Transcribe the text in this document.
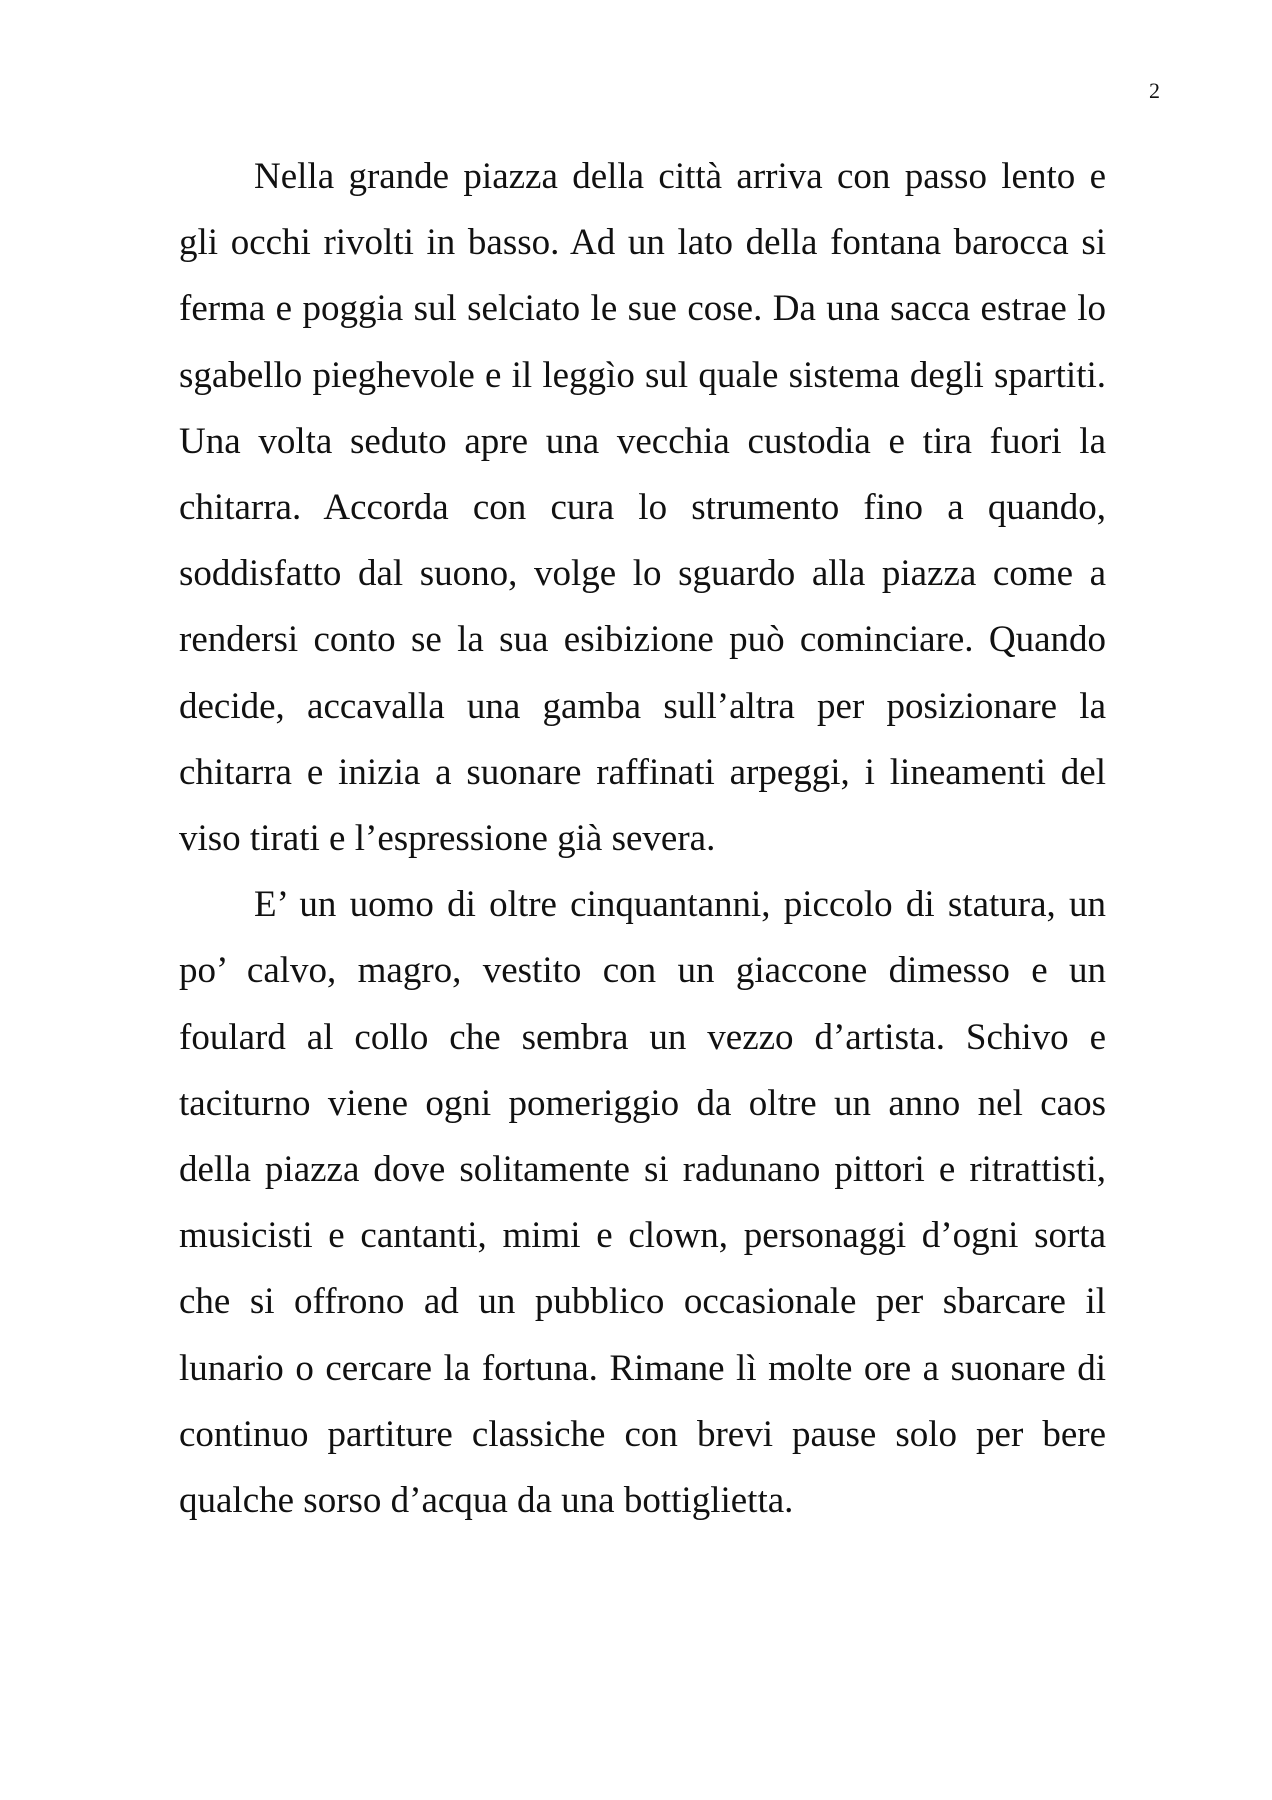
2

Nella grande piazza della città arriva con passo lento e gli occhi rivolti in basso. Ad un lato della fontana barocca si ferma e poggia sul selciato le sue cose. Da una sacca estrae lo sgabello pieghevole e il leggìo sul quale sistema degli spartiti. Una volta seduto apre una vecchia custodia e tira fuori la chitarra. Accorda con cura lo strumento fino a quando, soddisfatto dal suono, volge lo sguardo alla piazza come a rendersi conto se la sua esibizione può cominciare. Quando decide, accavalla una gamba sull’altra per posizionare la chitarra e inizia a suonare raffinati arpeggi, i lineamenti del viso tirati e l’espressione già severa.

E’ un uomo di oltre cinquantanni, piccolo di statura, un po’ calvo, magro, vestito con un giaccone dimesso e un foulard al collo che sembra un vezzo d’artista. Schivo e taciturno viene ogni pomeriggio da oltre un anno nel caos della piazza dove solitamente si radunano pittori e ritrattisti, musicisti e cantanti, mimi e clown, personaggi d’ogni sorta che si offrono ad un pubblico occasionale per sbarcare il lunario o cercare la fortuna. Rimane lì molte ore a suonare di continuo partiture classiche con brevi pause solo per bere qualche sorso d’acqua da una bottiglietta.
